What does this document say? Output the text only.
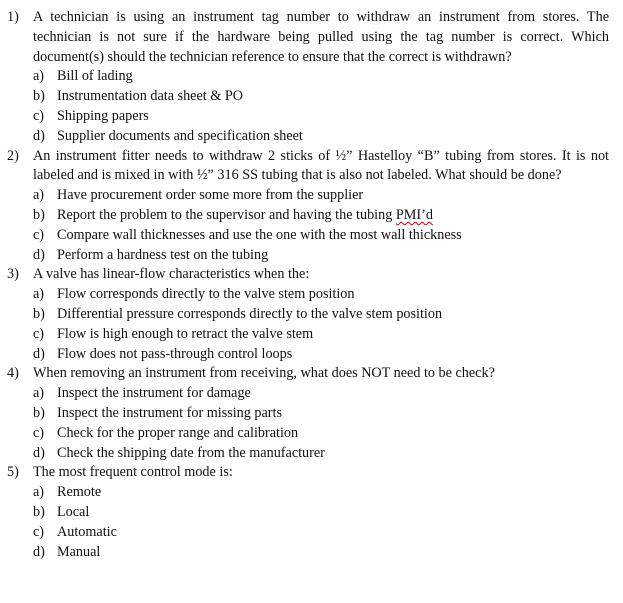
1) A technician is using an instrument tag number to withdraw an instrument from stores. The technician is not sure if the hardware being pulled using the tag number is correct. Which document(s) should the technician reference to ensure that the correct is withdrawn?
a) Bill of lading
b) Instrumentation data sheet & PO
c) Shipping papers
d) Supplier documents and specification sheet
2) An instrument fitter needs to withdraw 2 sticks of ½” Hastelloy “B” tubing from stores. It is not labeled and is mixed in with ½” 316 SS tubing that is also not labeled. What should be done?
a) Have procurement order some more from the supplier
b) Report the problem to the supervisor and having the tubing PMI’d
c) Compare wall thicknesses and use the one with the most wall thickness
d) Perform a hardness test on the tubing
3) A valve has linear-flow characteristics when the:
a) Flow corresponds directly to the valve stem position
b) Differential pressure corresponds directly to the valve stem position
c) Flow is high enough to retract the valve stem
d) Flow does not pass-through control loops
4) When removing an instrument from receiving, what does NOT need to be check?
a) Inspect the instrument for damage
b) Inspect the instrument for missing parts
c) Check for the proper range and calibration
d) Check the shipping date from the manufacturer
5) The most frequent control mode is:
a) Remote
b) Local
c) Automatic
d) Manual
